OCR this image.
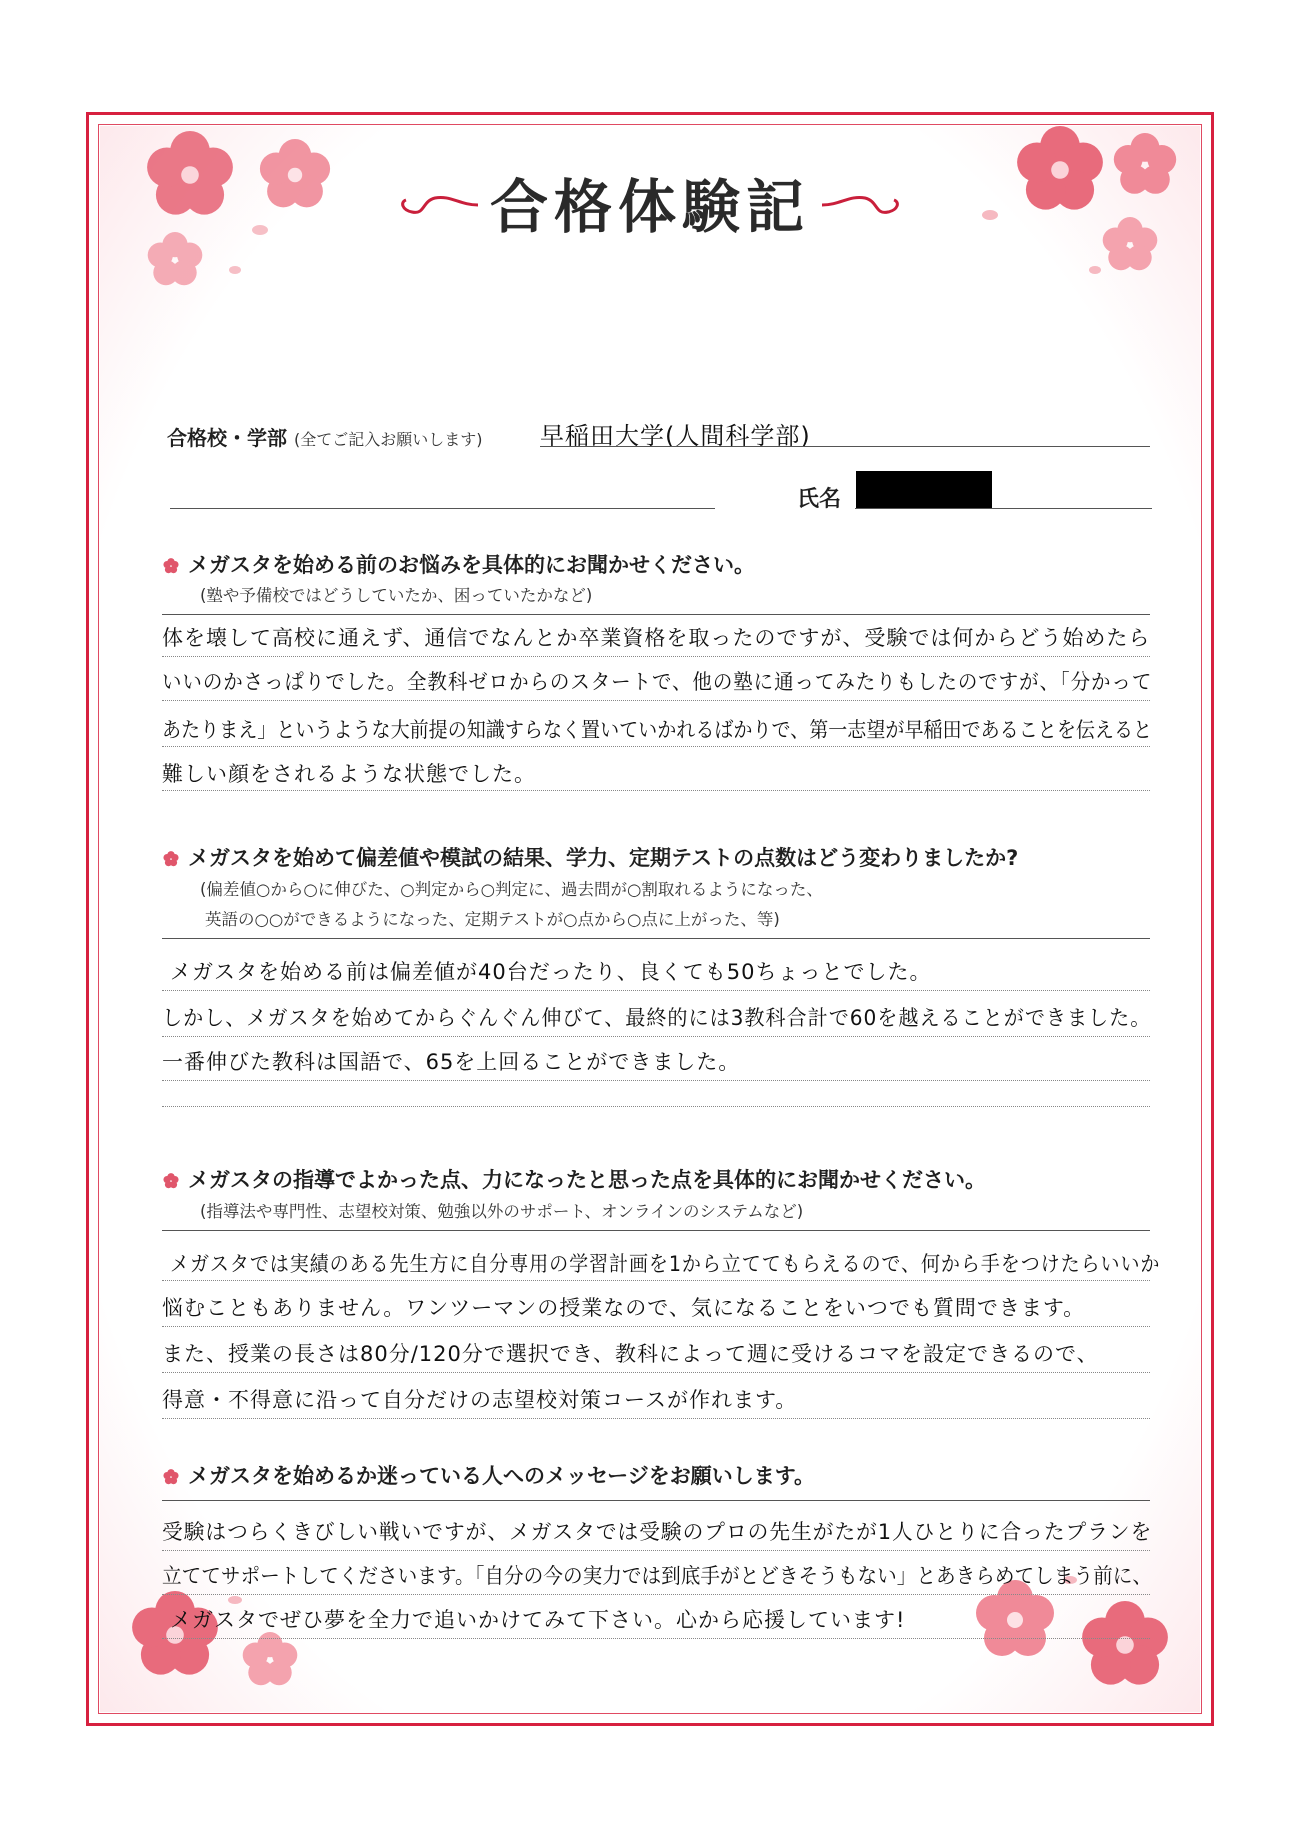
合格体験記
合格校・学部 (全てご記入お願いします) 早稲田大学(人間科学部)
氏名
メガスタを始める前のお悩みを具体的にお聞かせください。
(塾や予備校ではどうしていたか、困っていたかなど)
体を壊して高校に通えず、通信でなんとか卒業資格を取ったのですが、受験では何からどう始めたら
いいのかさっぱりでした。全教科ゼロからのスタートで、他の塾に通ってみたりもしたのですが、「分かって
あたりまえ」というような大前提の知識すらなく置いていかれるばかりで、第一志望が早稲田であることを伝えると
難しい顔をされるような状態でした。
メガスタを始めて偏差値や模試の結果、学力、定期テストの点数はどう変わりましたか?
(偏差値○から○に伸びた、○判定から○判定に、過去問が○割取れるようになった、
英語の○○ができるようになった、定期テストが○点から○点に上がった、等)
メガスタを始める前は偏差値が40台だったり、良くても50ちょっとでした。
しかし、メガスタを始めてからぐんぐん伸びて、最終的には3教科合計で60を越えることができました。
一番伸びた教科は国語で、65を上回ることができました。
メガスタの指導でよかった点、力になったと思った点を具体的にお聞かせください。
(指導法や専門性、志望校対策、勉強以外のサポート、オンラインのシステムなど)
メガスタでは実績のある先生方に自分専用の学習計画を1から立ててもらえるので、何から手をつけたらいいか
悩むこともありません。ワンツーマンの授業なので、気になることをいつでも質問できます。
また、授業の長さは80分/120分で選択でき、教科によって週に受けるコマを設定できるので、
得意・不得意に沿って自分だけの志望校対策コースが作れます。
メガスタを始めるか迷っている人へのメッセージをお願いします。
受験はつらくきびしい戦いですが、メガスタでは受験のプロの先生がたが1人ひとりに合ったプランを
立ててサポートしてくださいます。「自分の今の実力では到底手がとどきそうもない」とあきらめてしまう前に、
メガスタでぜひ夢を全力で追いかけてみて下さい。心から応援しています!
